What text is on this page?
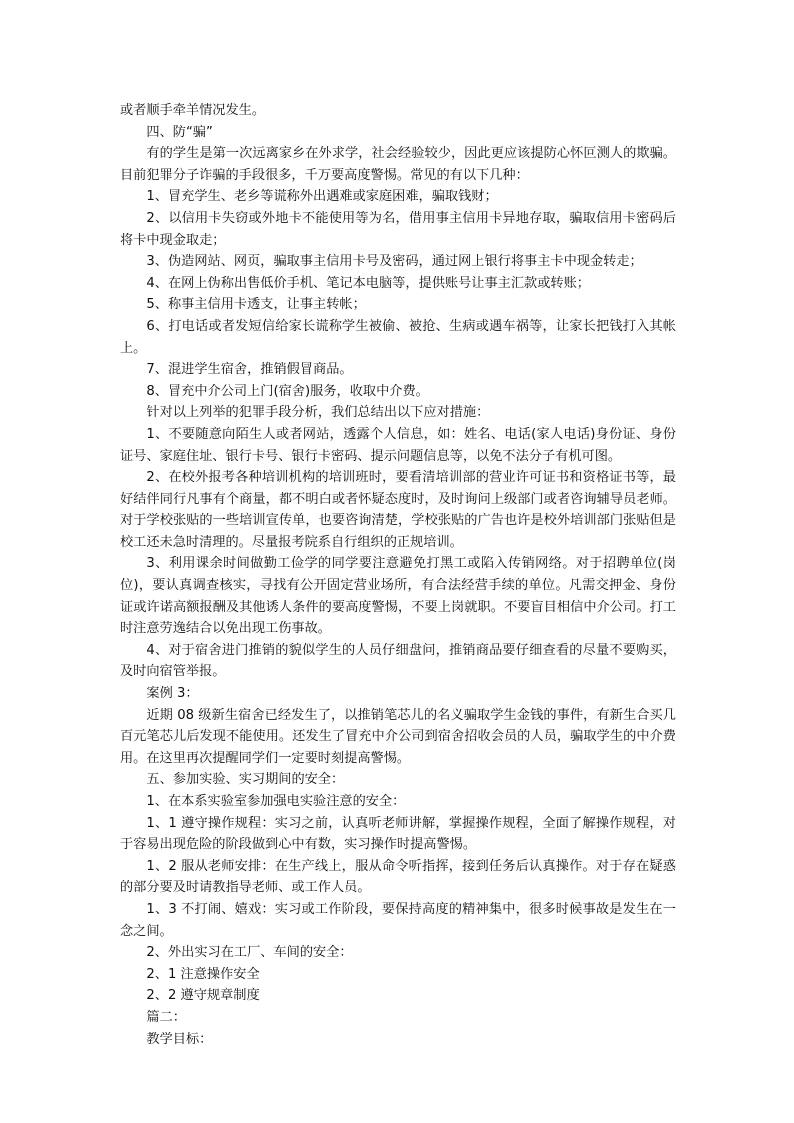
或者顺手牵羊情况发生。

四、防“骗”

有的学生是第一次远离家乡在外求学，社会经验较少，因此更应该提防心怀叵测人的欺骗。目前犯罪分子诈骗的手段很多，千万要高度警惕。常见的有以下几种：

1、冒充学生、老乡等谎称外出遇难或家庭困难，骗取钱财；

2、以信用卡失窃或外地卡不能使用等为名，借用事主信用卡异地存取，骗取信用卡密码后将卡中现金取走；

3、伪造网站、网页，骗取事主信用卡号及密码，通过网上银行将事主卡中现金转走；

4、在网上伪称出售低价手机、笔记本电脑等，提供账号让事主汇款或转账；

5、称事主信用卡透支，让事主转帐；

6、打电话或者发短信给家长谎称学生被偷、被抢、生病或遇车祸等，让家长把钱打入其帐上。

7、混进学生宿舍，推销假冒商品。

8、冒充中介公司上门(宿舍)服务，收取中介费。

针对以上列举的犯罪手段分析，我们总结出以下应对措施：

1、不要随意向陌生人或者网站，透露个人信息，如：姓名、电话(家人电话)身份证、身份证号、家庭住址、银行卡号、银行卡密码、提示问题信息等，以免不法分子有机可图。

2、在校外报考各种培训机构的培训班时，要看清培训部的营业许可证书和资格证书等，最好结伴同行凡事有个商量，都不明白或者怀疑态度时，及时询问上级部门或者咨询辅导员老师。对于学校张贴的一些培训宣传单，也要咨询清楚，学校张贴的广告也许是校外培训部门张贴但是校工还未急时清理的。尽量报考院系自行组织的正规培训。

3、利用课余时间做勤工俭学的同学要注意避免打黑工或陷入传销网络。对于招聘单位(岗位)，要认真调查核实，寻找有公开固定营业场所，有合法经营手续的单位。凡需交押金、身份证或许诺高额报酬及其他诱人条件的要高度警惕，不要上岗就职。不要盲目相信中介公司。打工时注意劳逸结合以免出现工伤事故。

4、对于宿舍进门推销的貌似学生的人员仔细盘问，推销商品要仔细查看的尽量不要购买，及时向宿管举报。

案例 3：

近期 08 级新生宿舍已经发生了，以推销笔芯儿的名义骗取学生金钱的事件，有新生合买几百元笔芯儿后发现不能使用。还发生了冒充中介公司到宿舍招收会员的人员，骗取学生的中介费用。在这里再次提醒同学们一定要时刻提高警惕。

五、参加实验、实习期间的安全：

1、在本系实验室参加强电实验注意的安全：

1、1 遵守操作规程：实习之前，认真听老师讲解，掌握操作规程，全面了解操作规程，对于容易出现危险的阶段做到心中有数，实习操作时提高警惕。

1、2 服从老师安排：在生产线上，服从命令听指挥，接到任务后认真操作。对于存在疑惑的部分要及时请教指导老师、或工作人员。

1、3 不打闹、嬉戏：实习或工作阶段，要保持高度的精神集中，很多时候事故是发生在一念之间。

2、外出实习在工厂、车间的安全：

2、1 注意操作安全

2、2 遵守规章制度

篇二：

教学目标：
